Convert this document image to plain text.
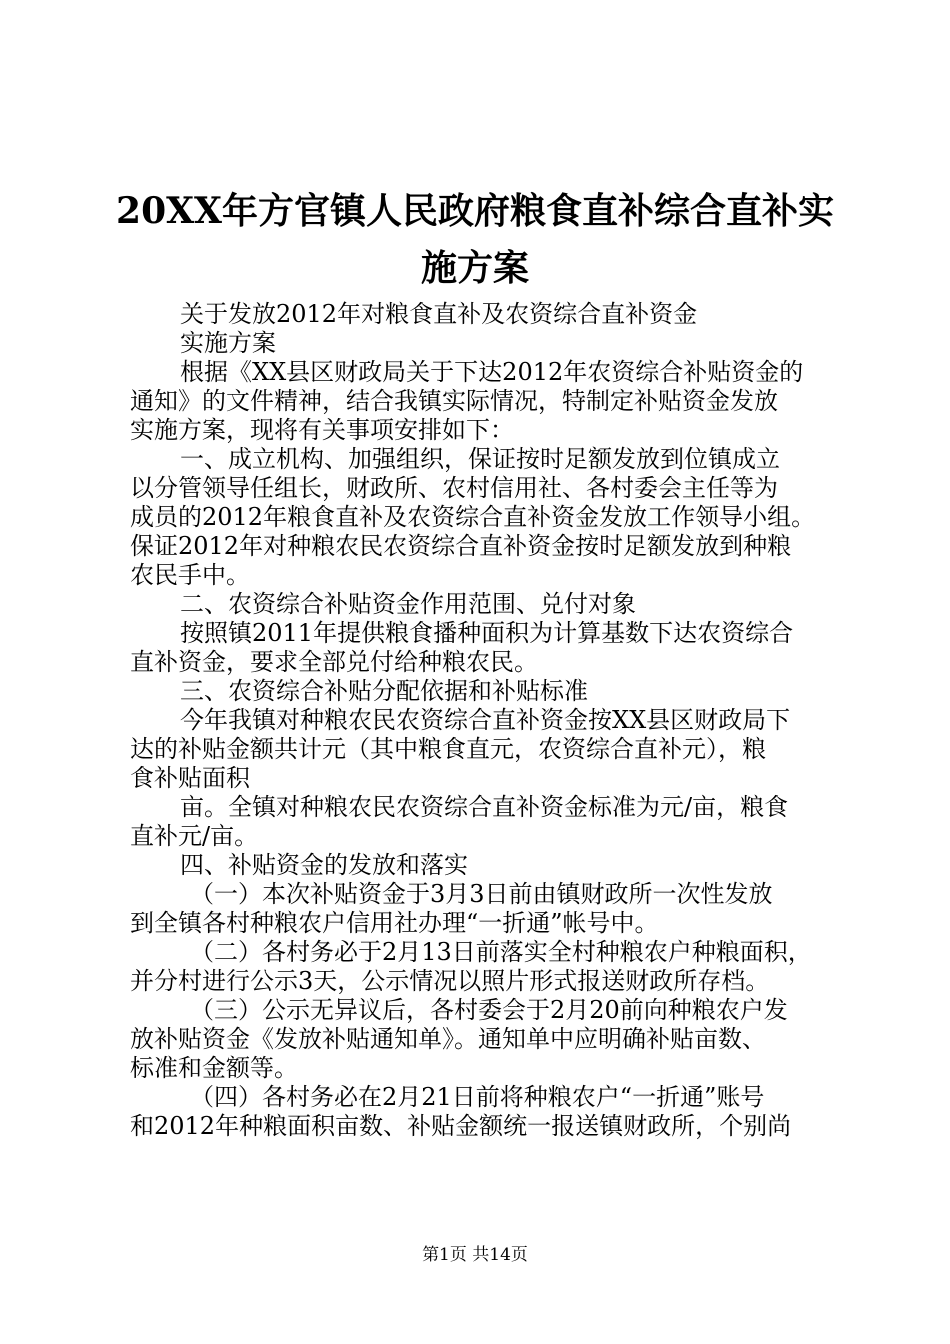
20XX年方官镇人民政府粮食直补综合直补实
施方案
关于发放2012年对粮食直补及农资综合直补资金
实施方案
根据《XX县区财政局关于下达2012年农资综合补贴资金的
通知》的文件精神，结合我镇实际情况，特制定补贴资金发放
实施方案，现将有关事项安排如下：
一、成立机构、加强组织，保证按时足额发放到位镇成立
以分管领导任组长，财政所、农村信用社、各村委会主任等为
成员的2012年粮食直补及农资综合直补资金发放工作领导小组。
保证2012年对种粮农民农资综合直补资金按时足额发放到种粮
农民手中。
二、农资综合补贴资金作用范围、兑付对象
按照镇2011年提供粮食播种面积为计算基数下达农资综合
直补资金，要求全部兑付给种粮农民。
三、农资综合补贴分配依据和补贴标准
今年我镇对种粮农民农资综合直补资金按XX县区财政局下
达的补贴金额共计元（其中粮食直元，农资综合直补元），粮
食补贴面积
亩。全镇对种粮农民农资综合直补资金标准为元/亩，粮食
直补元/亩。
四、补贴资金的发放和落实
（一）本次补贴资金于3月3日前由镇财政所一次性发放
到全镇各村种粮农户信用社办理“一折通”帐号中。
（二）各村务必于2月13日前落实全村种粮农户种粮面积，
并分村进行公示3天，公示情况以照片形式报送财政所存档。
（三）公示无异议后，各村委会于2月20前向种粮农户发
放补贴资金《发放补贴通知单》。通知单中应明确补贴亩数、
标准和金额等。
（四）各村务必在2月21日前将种粮农户“一折通”账号
和2012年种粮面积亩数、补贴金额统一报送镇财政所，个别尚
第1页 共14页
